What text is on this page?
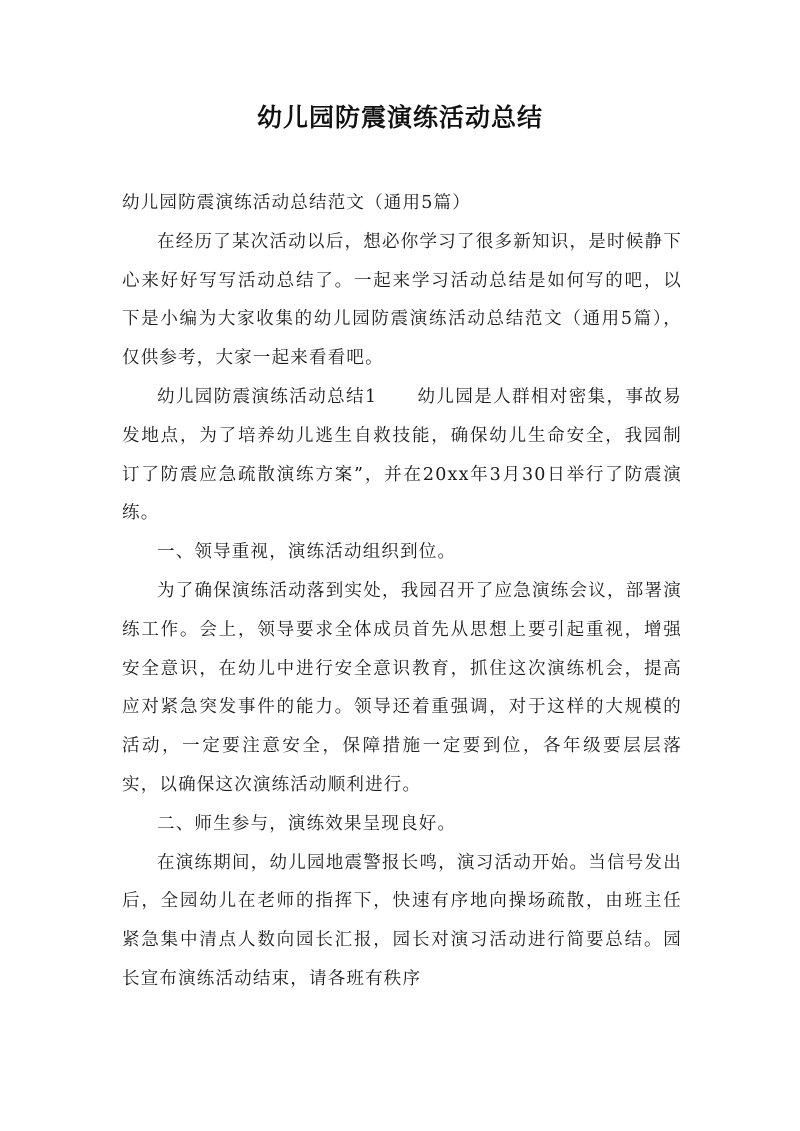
幼儿园防震演练活动总结

幼儿园防震演练活动总结范文（通用5篇）

在经历了某次活动以后，想必你学习了很多新知识，是时候静下心来好好写写活动总结了。一起来学习活动总结是如何写的吧，以下是小编为大家收集的幼儿园防震演练活动总结范文（通用5篇），仅供参考，大家一起来看看吧。

幼儿园防震演练活动总结1 幼儿园是人群相对密集，事故易发地点，为了培养幼儿逃生自救技能，确保幼儿生命安全，我园制订了防震应急疏散演练方案”，并在20xx年3月30日举行了防震演练。

一、领导重视，演练活动组织到位。

为了确保演练活动落到实处，我园召开了应急演练会议，部署演练工作。会上，领导要求全体成员首先从思想上要引起重视，增强安全意识，在幼儿中进行安全意识教育，抓住这次演练机会，提高应对紧急突发事件的能力。领导还着重强调，对于这样的大规模的活动，一定要注意安全，保障措施一定要到位，各年级要层层落实，以确保这次演练活动顺利进行。

二、师生参与，演练效果呈现良好。

在演练期间，幼儿园地震警报长鸣，演习活动开始。当信号发出后，全园幼儿在老师的指挥下，快速有序地向操场疏散，由班主任紧急集中清点人数向园长汇报，园长对演习活动进行简要总结。园长宣布演练活动结束，请各班有秩序
